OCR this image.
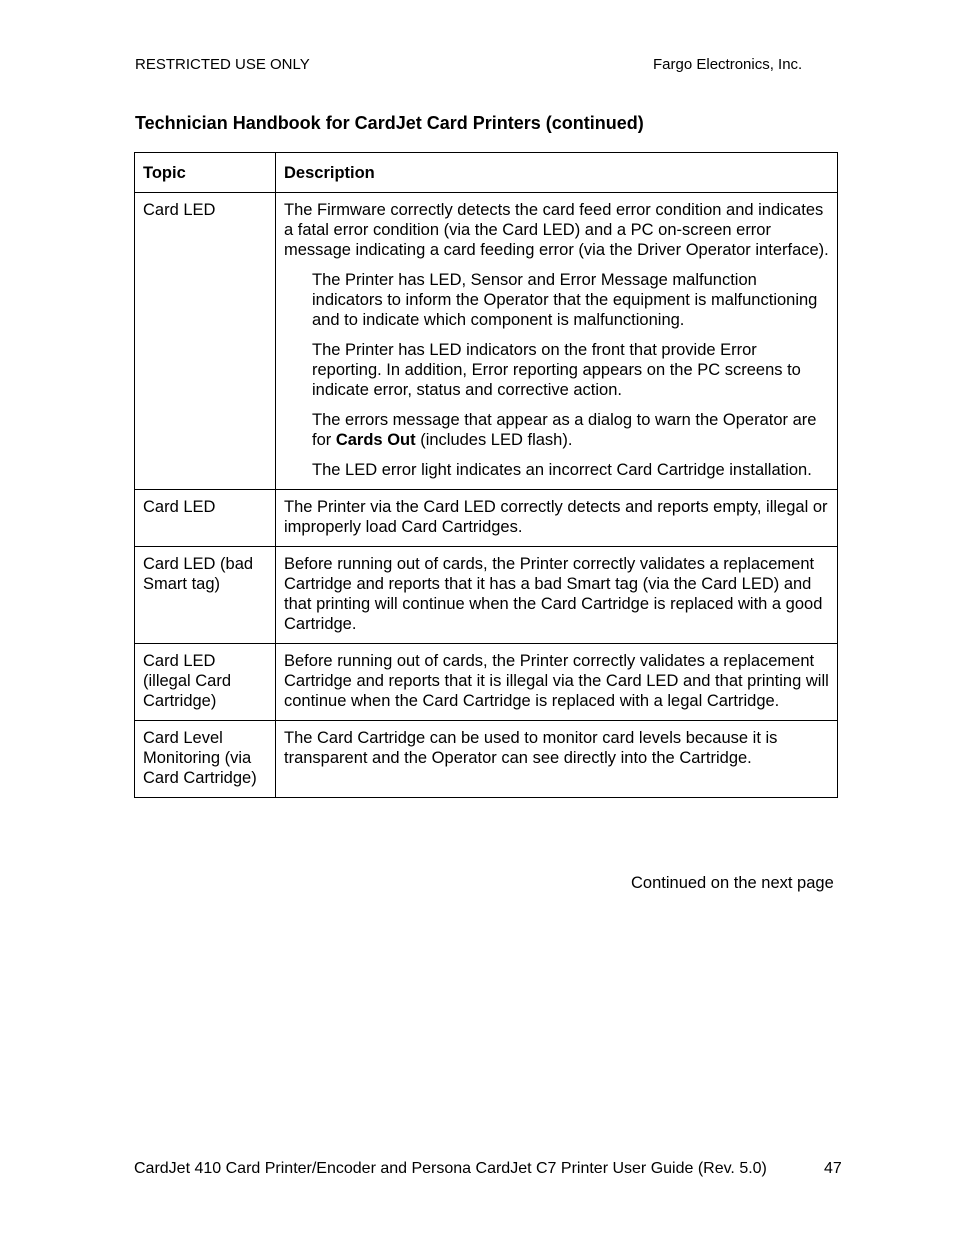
RESTRICTED USE ONLY	Fargo Electronics, Inc.
Technician Handbook for CardJet Card Printers (continued)
Topic	Description
Card LED	The Firmware correctly detects the card feed error condition and indicates a fatal error condition (via the Card LED) and a PC on-screen error message indicating a card feeding error (via the Driver Operator interface).

The Printer has LED, Sensor and Error Message malfunction indicators to inform the Operator that the equipment is malfunctioning and to indicate which component is malfunctioning.

The Printer has LED indicators on the front that provide Error reporting. In addition, Error reporting appears on the PC screens to indicate error, status and corrective action.

The errors message that appear as a dialog to warn the Operator are for Cards Out (includes LED flash).

The LED error light indicates an incorrect Card Cartridge installation.

Card LED	The Printer via the Card LED correctly detects and reports empty, illegal or improperly load Card Cartridges.

Card LED (bad Smart tag)	Before running out of cards, the Printer correctly validates a replacement Cartridge and reports that it has a bad Smart tag (via the Card LED) and that printing will continue when the Card Cartridge is replaced with a good Cartridge.

Card LED (illegal Card Cartridge)	Before running out of cards, the Printer correctly validates a replacement Cartridge and reports that it is illegal via the Card LED and that printing will continue when the Card Cartridge is replaced with a legal Cartridge.

Card Level Monitoring (via Card Cartridge)	The Card Cartridge can be used to monitor card levels because it is transparent and the Operator can see directly into the Cartridge.

Continued on the next page
CardJet 410 Card Printer/Encoder and Persona CardJet C7 Printer User Guide (Rev. 5.0)	47
